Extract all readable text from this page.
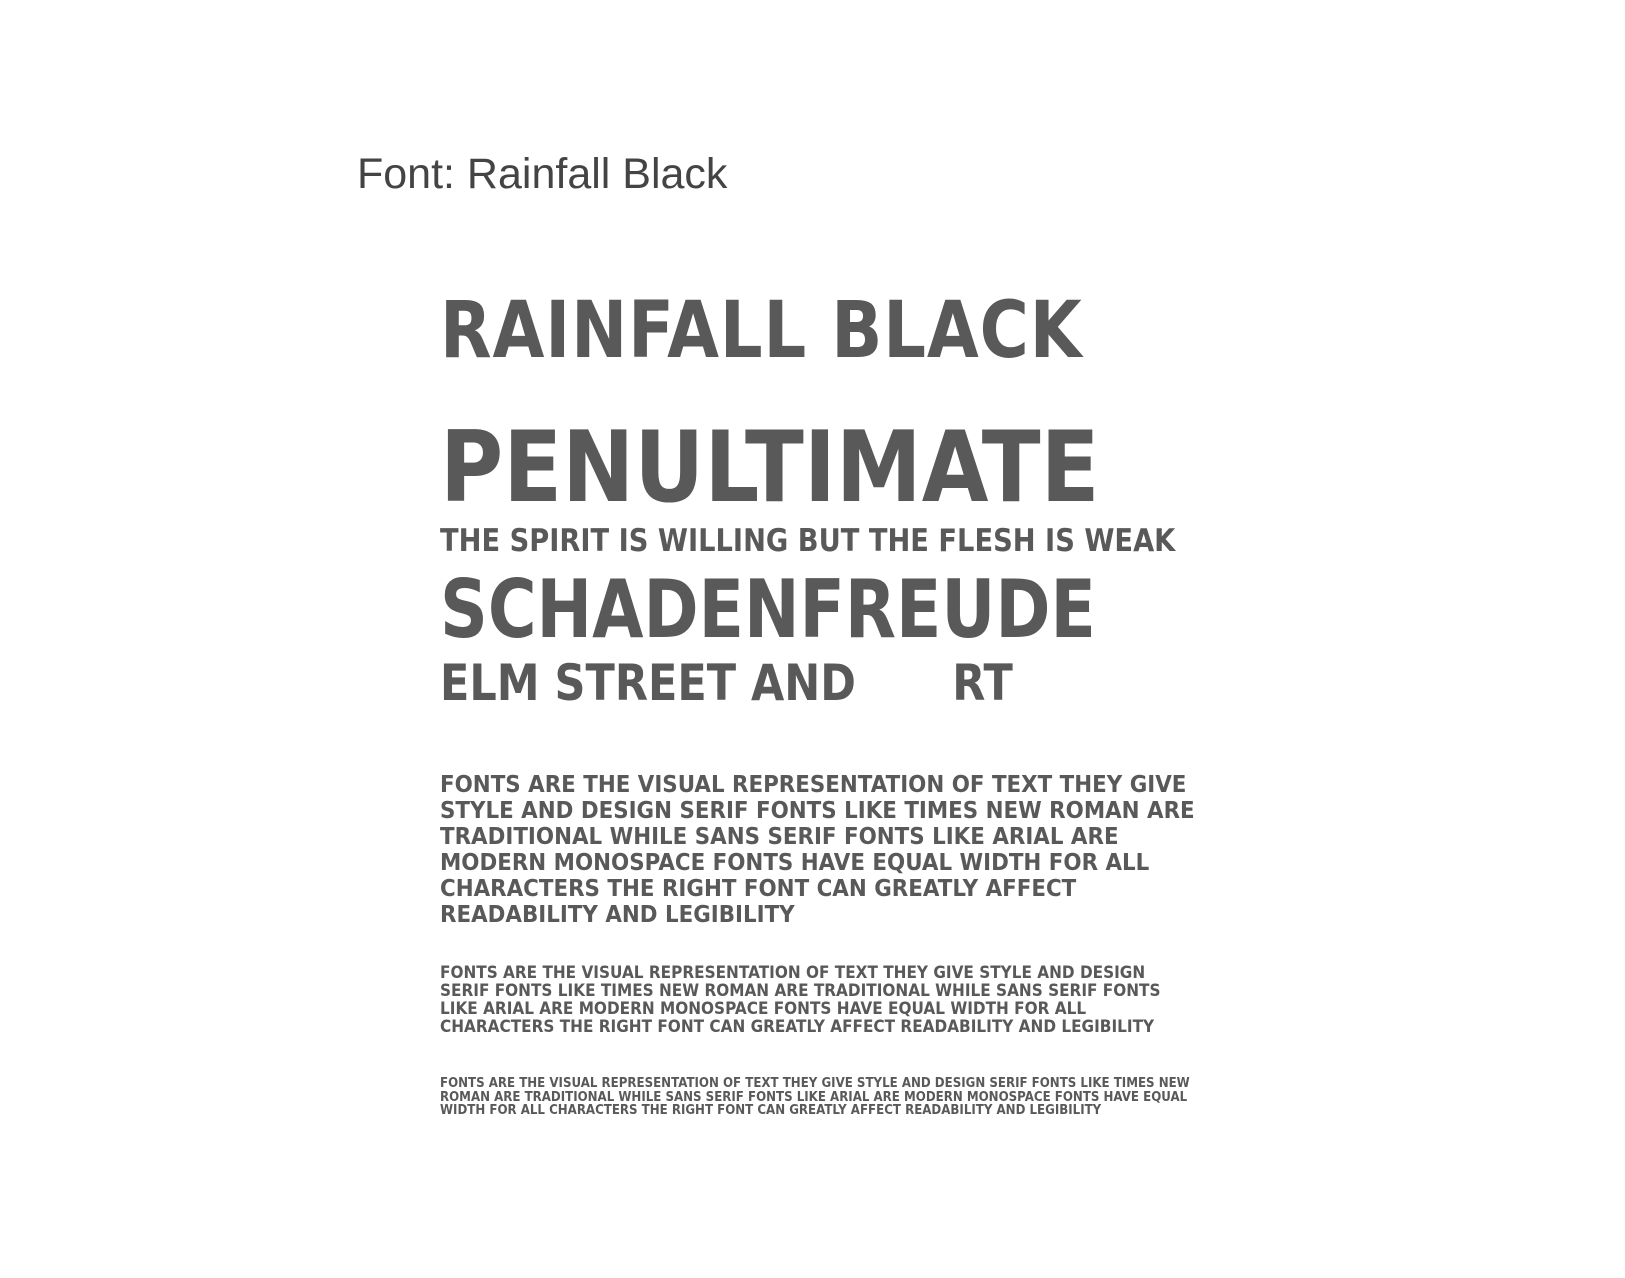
Font: Rainfall Black
RAINFALL BLACK
PENULTIMATE
THE SPIRIT IS WILLING BUT THE FLESH IS WEAK
SCHADENFREUDE
ELM STREET AND RT
FONTS ARE THE VISUAL REPRESENTATION OF TEXT THEY GIVE
STYLE AND DESIGN SERIF FONTS LIKE TIMES NEW ROMAN ARE
TRADITIONAL WHILE SANS SERIF FONTS LIKE ARIAL ARE
MODERN MONOSPACE FONTS HAVE EQUAL WIDTH FOR ALL
CHARACTERS THE RIGHT FONT CAN GREATLY AFFECT
READABILITY AND LEGIBILITY
FONTS ARE THE VISUAL REPRESENTATION OF TEXT THEY GIVE STYLE AND DESIGN
SERIF FONTS LIKE TIMES NEW ROMAN ARE TRADITIONAL WHILE SANS SERIF FONTS
LIKE ARIAL ARE MODERN MONOSPACE FONTS HAVE EQUAL WIDTH FOR ALL
CHARACTERS THE RIGHT FONT CAN GREATLY AFFECT READABILITY AND LEGIBILITY
FONTS ARE THE VISUAL REPRESENTATION OF TEXT THEY GIVE STYLE AND DESIGN SERIF FONTS LIKE TIMES NEW
ROMAN ARE TRADITIONAL WHILE SANS SERIF FONTS LIKE ARIAL ARE MODERN MONOSPACE FONTS HAVE EQUAL
WIDTH FOR ALL CHARACTERS THE RIGHT FONT CAN GREATLY AFFECT READABILITY AND LEGIBILITY
